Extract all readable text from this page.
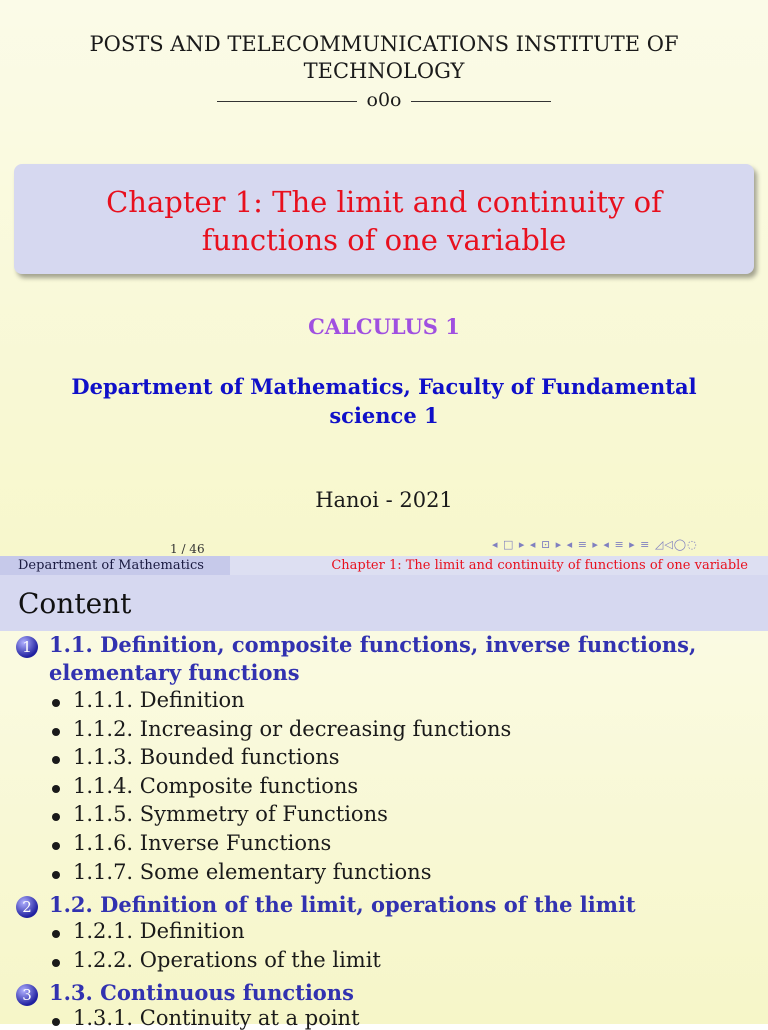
POSTS AND TELECOMMUNICATIONS INSTITUTE OF
TECHNOLOGY
o0o
Chapter 1: The limit and continuity of
functions of one variable
CALCULUS 1
Department of Mathematics, Faculty of Fundamental
science 1
Hanoi - 2021
1 / 46	◂ □ ▸ ◂ ⊡ ▸ ◂ ≡ ▸ ◂ ≡ ▸ ≡ ◿◁◯◌
Department of Mathematics	Chapter 1: The limit and continuity of functions of one variable
Content
1 1.1. Definition, composite functions, inverse functions,
elementary functions
1.1.1. Definition
1.1.2. Increasing or decreasing functions
1.1.3. Bounded functions
1.1.4. Composite functions
1.1.5. Symmetry of Functions
1.1.6. Inverse Functions
1.1.7. Some elementary functions
2 1.2. Definition of the limit, operations of the limit
1.2.1. Definition
1.2.2. Operations of the limit
3 1.3. Continuous functions
1.3.1. Continuity at a point
